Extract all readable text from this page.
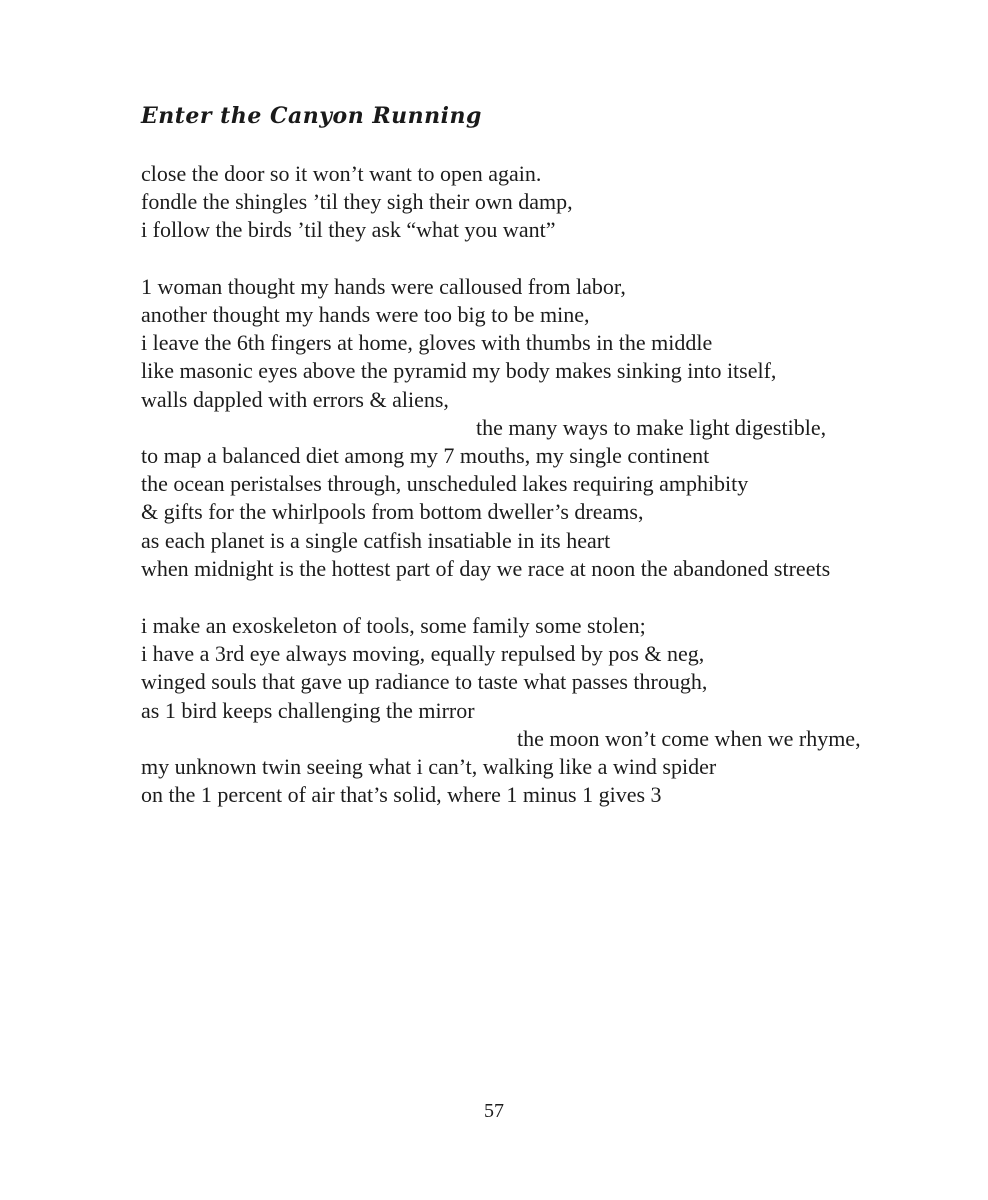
Enter the Canyon Running
close the door so it won’t want to open again.
fondle the shingles ’til they sigh their own damp,
i follow the birds ’til they ask “what you want”
1 woman thought my hands were calloused from labor,
another thought my hands were too big to be mine,
i leave the 6th fingers at home, gloves with thumbs in the middle
like masonic eyes above the pyramid my body makes sinking into itself,
walls dappled with errors & aliens,
the many ways to make light digestible,
to map a balanced diet among my 7 mouths, my single continent
the ocean peristalses through, unscheduled lakes requiring amphibity
& gifts for the whirlpools from bottom dweller’s dreams,
as each planet is a single catfish insatiable in its heart
when midnight is the hottest part of day we race at noon the abandoned streets
i make an exoskeleton of tools, some family some stolen;
i have a 3rd eye always moving, equally repulsed by pos & neg,
winged souls that gave up radiance to taste what passes through,
as 1 bird keeps challenging the mirror
the moon won’t come when we rhyme,
my unknown twin seeing what i can’t, walking like a wind spider
on the 1 percent of air that’s solid, where 1 minus 1 gives 3
57
